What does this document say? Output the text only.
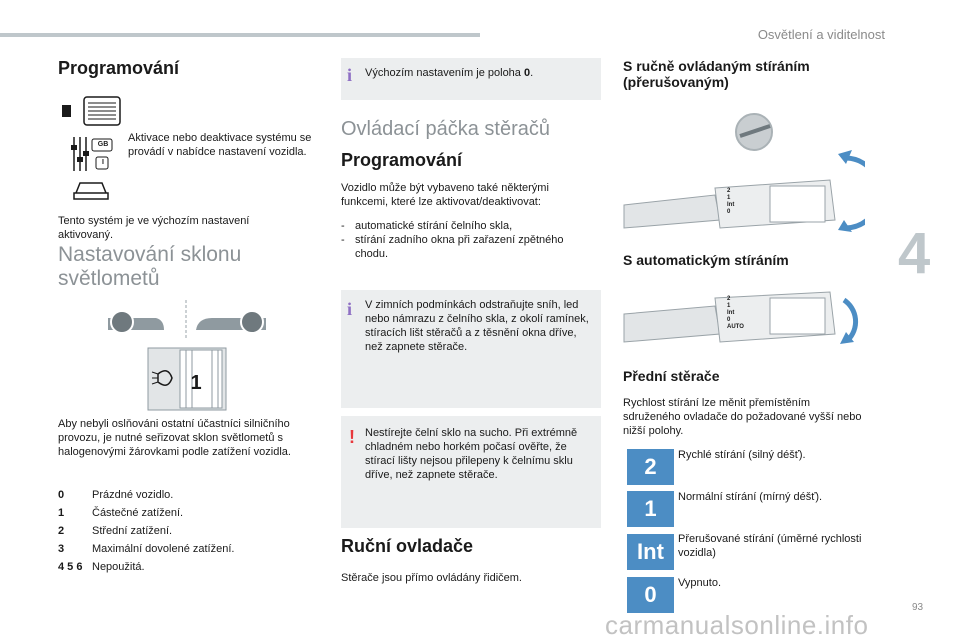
Osvětlení a viditelnost
4
Programování
GB
I
Aktivace nebo deaktivace systému se provádí v nabídce nastavení vozidla.
Tento systém je ve výchozím nastavení aktivovaný.
Nastavování sklonu světlometů
1
Aby nebyli oslňováni ostatní účastníci silničního provozu, je nutné seřizovat sklon světlometů s halogenovými žárovkami podle zatížení vozidla.
0	Prázdné vozidlo.
1	Částečné zatížení.
2	Střední zatížení.
3	Maximální dovolené zatížení.
4 5 6 Nepoužitá.
i Výchozím nastavením je poloha 0.
Ovládací páčka stěračů
Programování
Vozidlo může být vybaveno také některými funkcemi, které lze aktivovat/deaktivovat:
- automatické stírání čelního skla,
- stírání zadního okna při zařazení zpětného chodu.
i V zimních podmínkách odstraňujte sníh, led nebo námrazu z čelního skla, z okolí ramínek, stíracích lišt stěračů a z těsnění okna dříve, než zapnete stěrače.
! Nestírejte čelní sklo na sucho. Při extrémně chladném nebo horkém počasí ověřte, že stírací lišty nejsou přilepeny k čelnímu sklu dříve, než zapnete stěrače.
Ruční ovladače
Stěrače jsou přímo ovládány řidičem.
S ručně ovládaným stíráním (přerušovaným)
2
1
Int
0
S automatickým stíráním
2
1
Int
0
AUTO
Přední stěrače
Rychlost stírání lze měnit přemístěním sdruženého ovladače do požadované vyšší nebo nižší polohy.
2	Rychlé stírání (silný déšť).
1	Normální stírání (mírný déšť).
Int	Přerušované stírání (úměrné rychlosti vozidla)
0	Vypnuto.
carmanualsonline.info
93
